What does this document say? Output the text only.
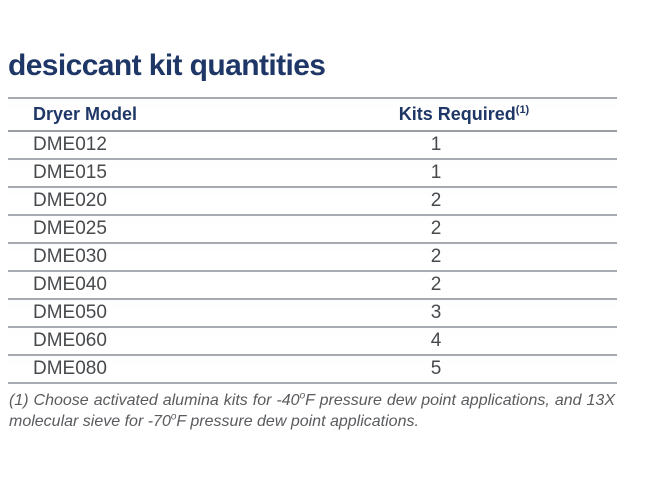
desiccant kit quantities
Dryer Model	Kits Required$^{(1)}$
DME012	1
DME015	1
DME020	2
DME025	2
DME030	2
DME040	2
DME050	3
DME060	4
DME080	5
(1) Choose activated alumina kits for -40$^o$F pressure dew point applications, and 13X molecular sieve for -70$^o$F pressure dew point applications.
